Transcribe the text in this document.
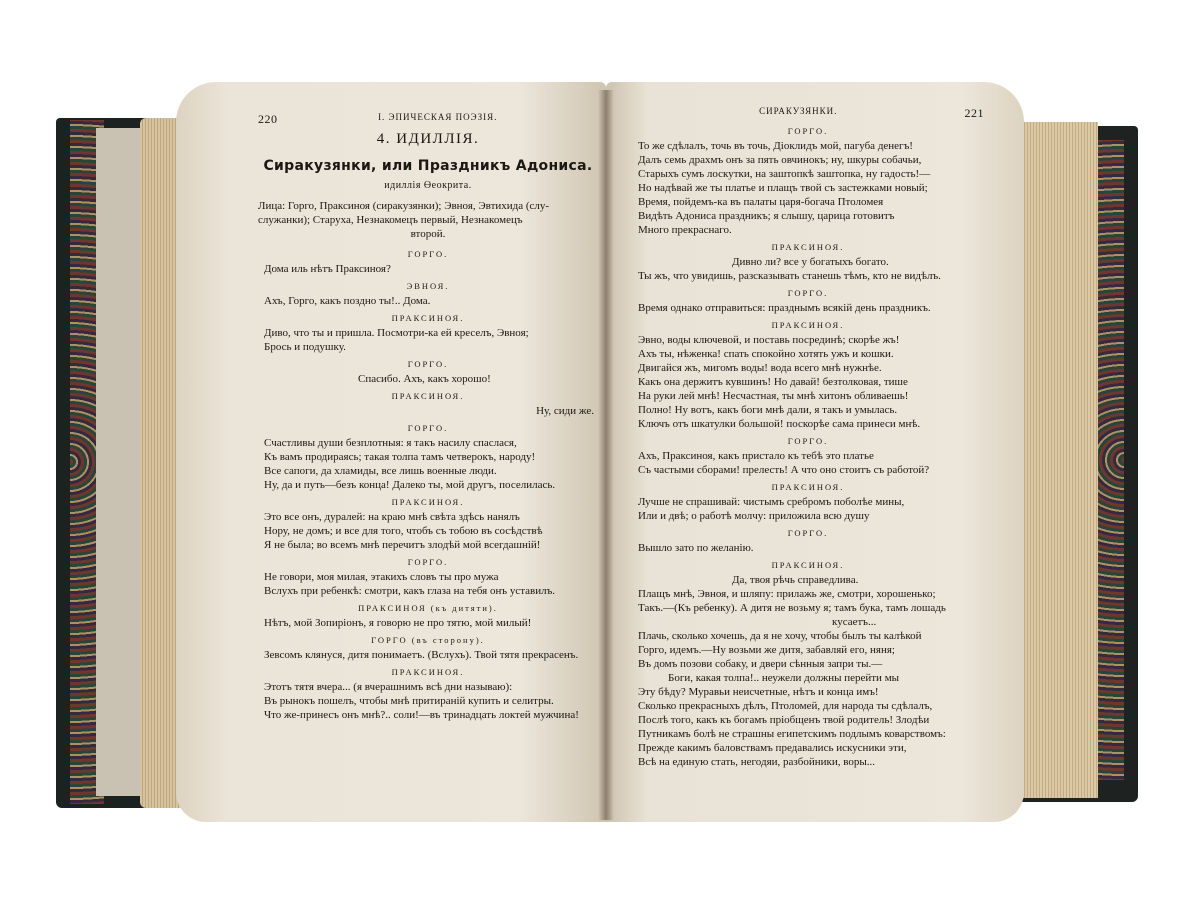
220	I. ЭПИЧЕСКАЯ ПОЭЗІЯ.
4. ИДИЛЛІЯ.
Сиракузянки, или Праздникъ Адониса.
идиллія Өеокрита.
Лица: Горго, Праксиноя (сиракузянки); Эвноя, Эвтихида (слу-
служанки); Старуха, Незнакомецъ первый, Незнакомецъ
второй.
ГОРГО.

Дома иль нѣтъ Праксиноя?

ЭВНОЯ.

Ахъ, Горго, какъ поздно ты!.. Дома.

ПРАКСИНОЯ.

Диво, что ты и пришла. Посмотри-ка ей креселъ, Эвноя;

Брось и подушку.

ГОРГО.

Спасибо. Ахъ, какъ хорошо!

ПРАКСИНОЯ.

Ну, сиди же.

ГОРГО.

Счастливы души безплотныя: я такъ насилу спаслася,

Къ вамъ продираясь; такая толпа тамъ четверокъ, народу!

Все сапоги, да хламиды, все лишь военные люди.

Ну, да и путь—безъ конца! Далеко ты, мой другъ, поселилась.

ПРАКСИНОЯ.

Это все онъ, дуралей: на краю мнѣ свѣта здѣсь нанялъ

Нору, не домъ; и все для того, чтобъ съ тобою въ сосѣдствѣ

Я не была; во всемъ мнѣ перечитъ злодѣй мой всегдашній!

ГОРГО.

Не говори, моя милая, этакихъ словъ ты про мужа

Вслухъ при ребенкѣ: смотри, какъ глаза на тебя онъ уставилъ.

ПРАКСИНОЯ (къ дитяти).

Нѣтъ, мой Зопиріонъ, я говорю не про тятю, мой милый!

ГОРГО (въ сторону).

Зевсомъ клянуся, дитя понимаетъ. (Вслухъ). Твой тятя прекрасенъ.

ПРАКСИНОЯ.

Этотъ тятя вчера... (я вчерашнимъ всѣ дни называю):

Въ рынокъ пошелъ, чтобы мнѣ притиранiй купить и селитры.

Что же-принесъ онъ мнѣ?.. соли!—въ тринадцать локтей мужчина!

СИРАКУЗЯНКИ.	221
ГОРГО.

То же сдѣлалъ, точь въ точь, Діоклидъ мой, пагуба денегъ!

Далъ семь драхмъ онъ за пять овчинокъ; ну, шкуры собачьи,

Старыхъ сумъ лоскутки, на заштопкѣ заштопка, ну гадость!—

Но надѣвай же ты платье и плащъ твой съ застежками новый;

Время, пойдемъ-ка въ палаты царя-богача Птоломея

Видѣть Адониса праздникъ; я слышу, царица готовитъ

Много прекраснаго.

ПРАКСИНОЯ.

Дивно ли? все у богатыхъ богато.

Ты жъ, что увидишь, разсказывать станешь тѣмъ, кто не видѣлъ.

ГОРГО.

Время однако отправиться: празднымъ всякій день праздникъ.

ПРАКСИНОЯ.

Эвно, воды ключевой, и поставь посрединѣ; скорѣе жъ!

Ахъ ты, нѣженка! спать спокойно хотять ужъ и кошки.

Двигайся жъ, мигомъ воды! вода всего мнѣ нужнѣе.

Какъ она держитъ кувшинъ! Но давай! безтолковая, тише

На руки лей мнѣ! Несчастная, ты мнѣ хитонъ обливаешь!

Полно! Ну вотъ, какъ боги мнѣ дали, я такъ и умылась.

Ключъ отъ шкатулки большой! поскорѣе сама принеси мнѣ.

ГОРГО.

Ахъ, Праксиноя, какъ пристало къ тебѣ это платье

Съ частыми сборами! прелесть! А что оно стоитъ съ работой?

ПРАКСИНОЯ.

Лучше не спрашивай: чистымъ сребромъ поболѣе мины,

Или и двѣ; о работѣ молчу: приложила всю душу

ГОРГО.

Вышло зато по желанію.

ПРАКСИНОЯ.

Да, твоя рѣчь справедлива.

Плащъ мнѣ, Эвноя, и шляпу: прилажь же, смотри, хорошенько;

Такъ.—(Къ ребенку). А дитя не возьму я; тамъ бука, тамъ лошадь

кусаетъ...

Плачь, сколько хочешь, да я не хочу, чтобы былъ ты калѣкой

Горго, идемъ.—Ну возьми же дитя, забавляй его, няня;

Въ домъ позови собаку, и двери сѣнныя запри ты.—

Боги, какая толпа!.. неужели должны перейти мы

Эту бѣду? Муравьи неисчетные, нѣтъ и конца имъ!

Сколько прекрасныхъ дѣлъ, Птоломей, для народа ты сдѣлалъ,

Послѣ того, какъ къ богамъ пріобщенъ твой родитель! Злодѣи

Путникамъ болѣ не страшны египетскимъ подлымъ коварствомъ:

Прежде какимъ баловствамъ предавались искусники эти,

Всѣ на единую стать, негодяи, разбойники, воры...
